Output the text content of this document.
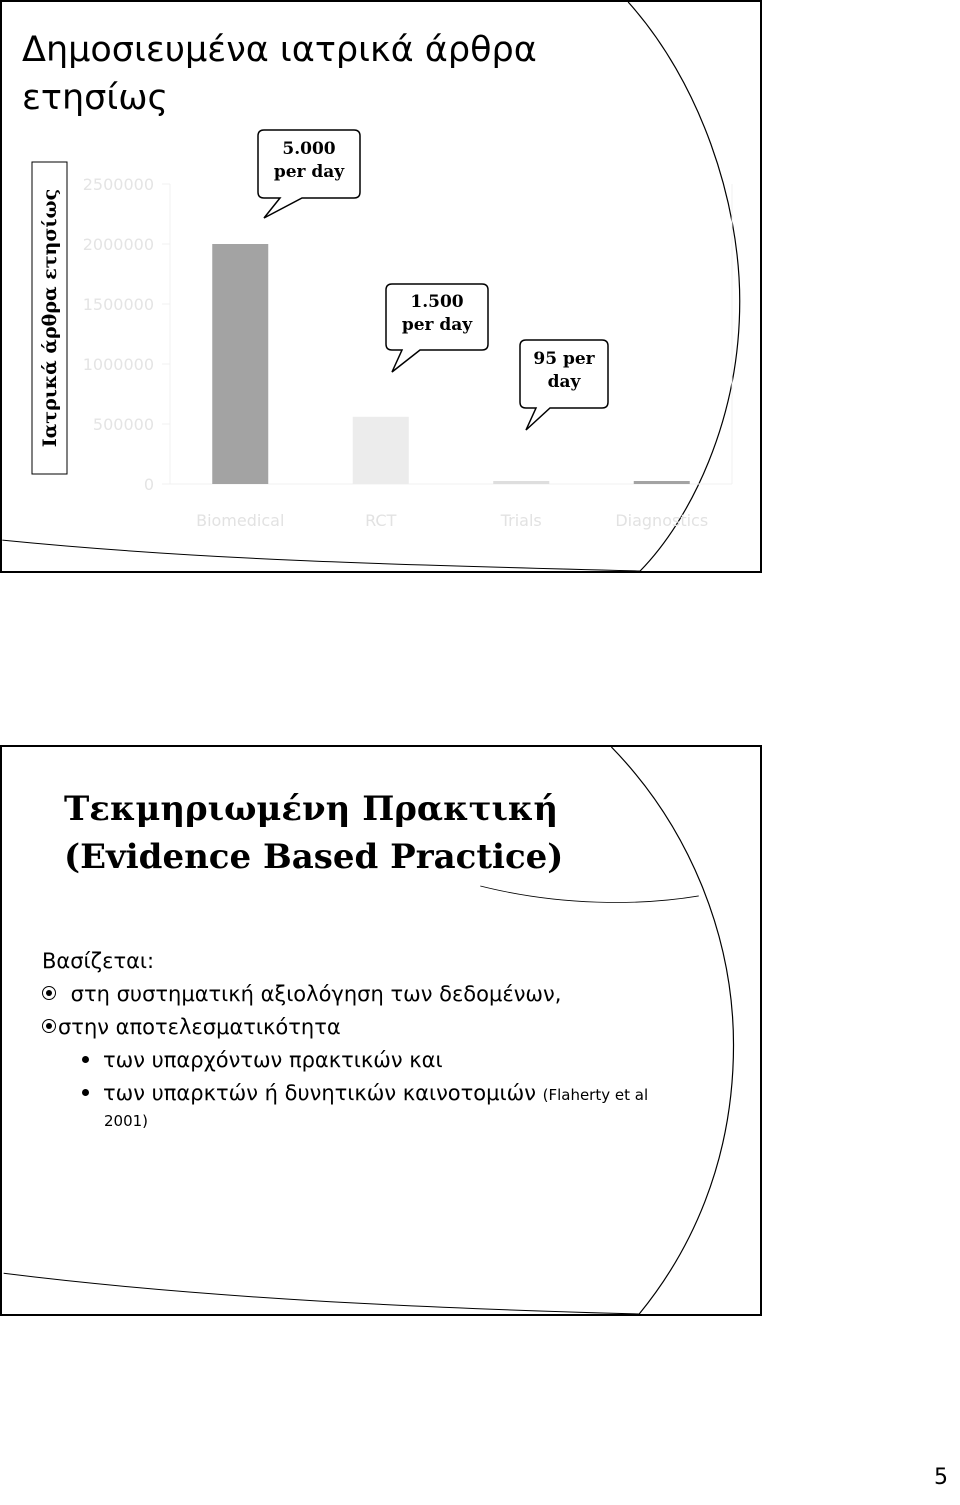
Δημοσιευμένα ιατρικά άρθρα
ετησίως
Ιατρικά άρθρα ετησίως
0
500000
1000000
1500000
2000000
2500000
Biomedical	RCT	Trials	Diagnostics
5.000
per day
1.500
per day
95 per
day
Τεκμηριωμένη Πρακτική
(Evidence Based Practice)
Βασίζεται:
στη συστηματική αξιολόγηση των δεδομένων,
στην αποτελεσματικότητα
των υπαρχόντων πρακτικών και
των υπαρκτών ή δυνητικών καινοτομιών (Flaherty et al
2001)
5
